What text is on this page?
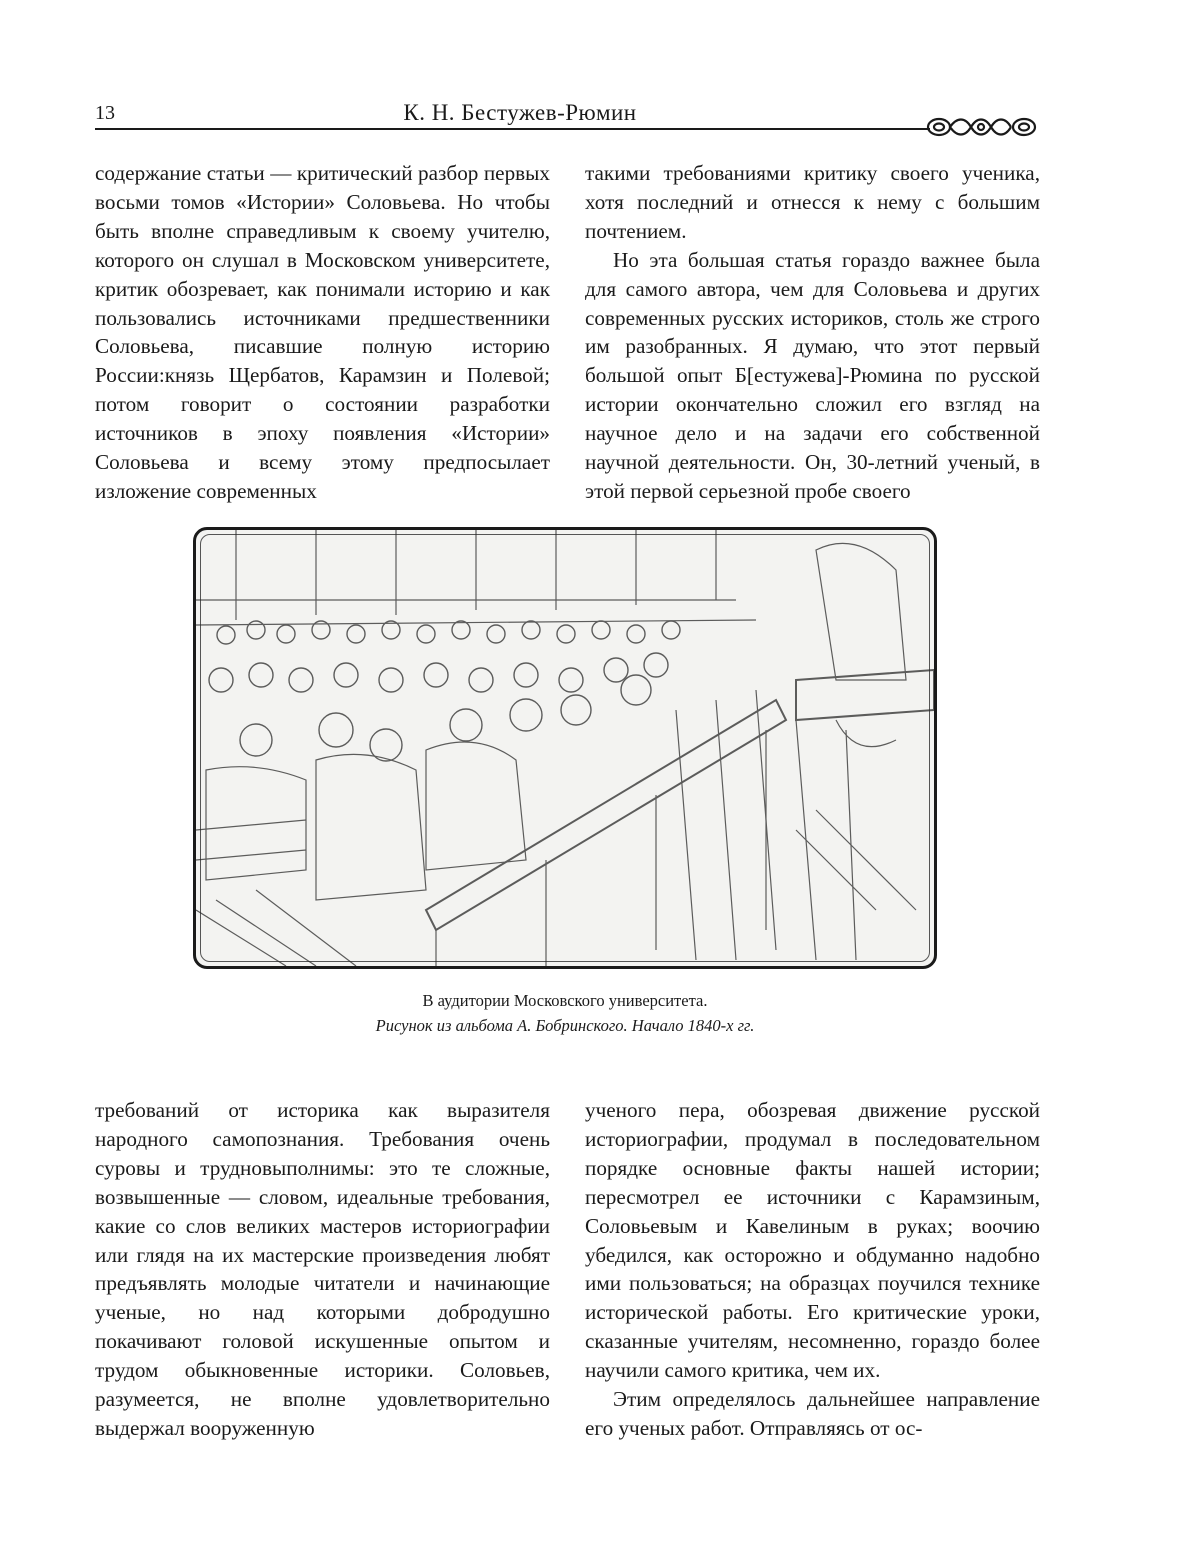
13	К. Н. Бестужев-Рюмин

содержание статьи — критический разбор первых восьми томов «Истории» Соловьева. Но чтобы быть вполне справедливым к своему учителю, которого он слушал в Московском университете, критик обозревает, как понимали историю и как пользовались источниками предшественники Соловьева, писавшие полную историю России:князь Щербатов, Карамзин и Полевой; потом говорит о состоянии разработки источников в эпоху появления «Истории» Соловьева и всему этому предпосылает изложение современных

такими требованиями критику своего ученика, хотя последний и отнесся к нему с большим почтением.

Но эта большая статья гораздо важнее была для самого автора, чем для Соловьева и других современных русских историков, столь же строго им разобранных. Я думаю, что этот первый большой опыт Б[естужева]-Рюмина по русской истории окончательно сложил его взгляд на научное дело и на задачи его собственной научной деятельности. Он, 30-летний ученый, в этой первой серьезной пробе своего

В аудитории Московского университета.
Рисунок из альбома А. Бобринского. Начало 1840-х гг.

требований от историка как выразителя народного самопознания. Требования очень суровы и трудновыполнимы: это те сложные, возвышенные — словом, идеальные требования, какие со слов великих мастеров историографии или глядя на их мастерские произведения любят предъявлять молодые читатели и начинающие ученые, но над которыми добродушно покачивают головой искушенные опытом и трудом обыкновенные историки. Соловьев, разумеется, не вполне удовлетворительно выдержал вооруженную

ученого пера, обозревая движение русской историографии, продумал в последовательном порядке основные факты нашей истории; пересмотрел ее источники с Карамзиным, Соловьевым и Кавелиным в руках; воочию убедился, как осторожно и обдуманно надобно ими пользоваться; на образцах поучился технике исторической работы. Его критические уроки, сказанные учителям, несомненно, гораздо более научили самого критика, чем их.

Этим определялось дальнейшее направление его ученых работ. Отправляясь от ос-
